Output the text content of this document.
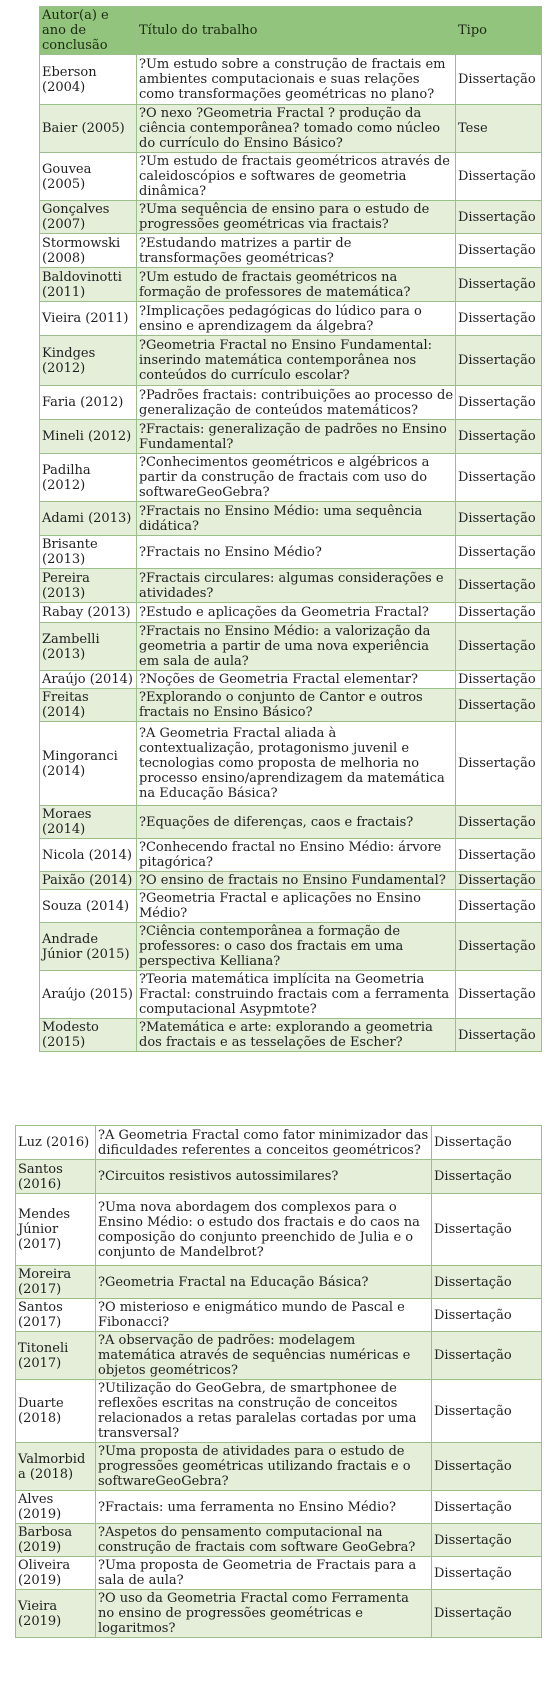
Autor(a) e ano de conclusão	Título do trabalho	Tipo
Eberson (2004)	?Um estudo sobre a construção de fractais em ambientes computacionais e suas relações como transformações geométricas no plano?	Dissertação
Baier (2005)	?O nexo ?Geometria Fractal ? produção da ciência contemporânea? tomado como núcleo do currículo do Ensino Básico?	Tese
Gouvea (2005)	?Um estudo de fractais geométricos através de caleidoscópios e softwares de geometria dinâmica?	Dissertação
Gonçalves (2007)	?Uma sequência de ensino para o estudo de progressões geométricas via fractais?	Dissertação
Stormowski (2008)	?Estudando matrizes a partir de transformações geométricas?	Dissertação
Baldovinotti (2011)	?Um estudo de fractais geométricos na formação de professores de matemática?	Dissertação
Vieira (2011)	?Implicações pedagógicas do lúdico para o ensino e aprendizagem da álgebra?	Dissertação
Kindges (2012)	?Geometria Fractal no Ensino Fundamental: inserindo matemática contemporânea nos conteúdos do currículo escolar?	Dissertação
Faria (2012)	?Padrões fractais: contribuições ao processo de generalização de conteúdos matemáticos?	Dissertação
Mineli (2012)	?Fractais: generalização de padrões no Ensino Fundamental?	Dissertação
Padilha (2012)	?Conhecimentos geométricos e algébricos a partir da construção de fractais com uso do softwareGeoGebra?	Dissertação
Adami (2013)	?Fractais no Ensino Médio: uma sequência didática?	Dissertação
Brisante (2013)	?Fractais no Ensino Médio?	Dissertação
Pereira (2013)	?Fractais circulares: algumas considerações e atividades?	Dissertação
Rabay (2013)	?Estudo e aplicações da Geometria Fractal?	Dissertação
Zambelli (2013)	?Fractais no Ensino Médio: a valorização da geometria a partir de uma nova experiência em sala de aula?	Dissertação
Araújo (2014)	?Noções de Geometria Fractal elementar?	Dissertação
Freitas (2014)	?Explorando o conjunto de Cantor e outros fractais no Ensino Básico?	Dissertação
Mingoranci (2014)	?A Geometria Fractal aliada à contextualização, protagonismo juvenil e tecnologias como proposta de melhoria no processo ensino/aprendizagem da matemática na Educação Básica?	Dissertação
Moraes (2014)	?Equações de diferenças, caos e fractais?	Dissertação
Nicola (2014)	?Conhecendo fractal no Ensino Médio: árvore pitagórica?	Dissertação
Paixão (2014)	?O ensino de fractais no Ensino Fundamental?	Dissertação
Souza (2014)	?Geometria Fractal e aplicações no Ensino Médio?	Dissertação
Andrade Júnior (2015)	?Ciência contemporânea a formação de professores: o caso dos fractais em uma perspectiva Kelliana?	Dissertação
Araújo (2015)	?Teoria matemática implícita na Geometria Fractal: construindo fractais com a ferramenta computacional Asypmtote?	Dissertação
Modesto (2015)	?Matemática e arte: explorando a geometria dos fractais e as tesselações de Escher?	Dissertação
Luz (2016)	?A Geometria Fractal como fator minimizador das dificuldades referentes a conceitos geométricos?	Dissertação
Santos (2016)	?Circuitos resistivos autossimilares?	Dissertação
Mendes Júnior (2017)	?Uma nova abordagem dos complexos para o Ensino Médio: o estudo dos fractais e do caos na composição do conjunto preenchido de Julia e o conjunto de Mandelbrot?	Dissertação
Moreira (2017)	?Geometria Fractal na Educação Básica?	Dissertação
Santos (2017)	?O misterioso e enigmático mundo de Pascal e Fibonacci?	Dissertação
Titoneli (2017)	?A observação de padrões: modelagem matemática através de sequências numéricas e objetos geométricos?	Dissertação
Duarte (2018)	?Utilização do GeoGebra, de smartphonee de reflexões escritas na construção de conceitos relacionados a retas paralelas cortadas por uma transversal?	Dissertação
Valmorbida (2018)	?Uma proposta de atividades para o estudo de progressões geométricas utilizando fractais e o softwareGeoGebra?	Dissertação
Alves (2019)	?Fractais: uma ferramenta no Ensino Médio?	Dissertação
Barbosa (2019)	?Aspetos do pensamento computacional na construção de fractais com software GeoGebra?	Dissertação
Oliveira (2019)	?Uma proposta de Geometria de Fractais para a sala de aula?	Dissertação
Vieira (2019)	?O uso da Geometria Fractal como Ferramenta no ensino de progressões geométricas e logaritmos?	Dissertação
